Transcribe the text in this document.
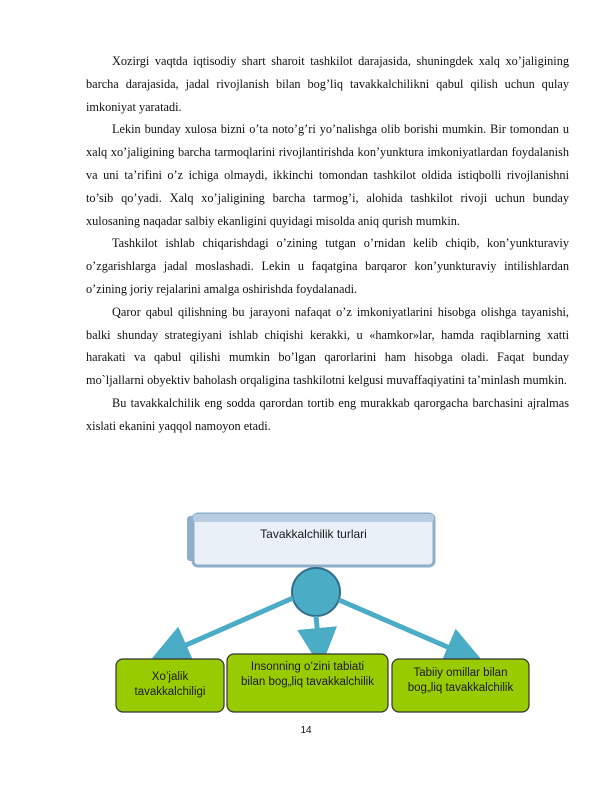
Xozirgi vaqtda iqtisodiy shart sharoit tashkilot darajasida, shuningdek xalq xo’jaligining barcha darajasida, jadal rivojlanish bilan bog’liq tavakkalchilikni qabul qilish uchun qulay imkoniyat yaratadi.

Lekin bunday xulosa bizni o’ta noto’g’ri yo’nalishga olib borishi mumkin. Bir tomondan u xalq xo’jaligining barcha tarmoqlarini rivojlantirishda kon’yunktura imkoniyatlardan foydalanish va uni ta’rifini o’z ichiga olmaydi, ikkinchi tomondan tashkilot oldida istiqbolli rivojlanishni to’sib qo’yadi. Xalq xo’jaligining barcha tarmog’i, alohida tashkilot rivoji uchun bunday xulosaning naqadar salbiy ekanligini quyidagi misolda aniq qurish mumkin.

Tashkilot ishlab chiqarishdagi o’zining tutgan o’rnidan kelib chiqib, kon’yunkturaviy o’zgarishlarga jadal moslashadi. Lekin u faqatgina barqaror kon’yunkturaviy intilishlardan o’zining joriy rejalarini amalga oshirishda foydalanadi.

Qaror qabul qilishning bu jarayoni nafaqat o’z imkoniyatlarini hisobga olishga tayanishi, balki shunday strategiyani ishlab chiqishi kerakki, u «hamkor»lar, hamda raqiblarning xatti harakati va qabul qilishi mumkin bo’lgan qarorlarini ham hisobga oladi. Faqat bunday mo`ljallarni obyektiv baholash orqaligina tashkilotni kelgusi muvaffaqiyatini ta’minlash mumkin.

Bu tavakkalchilik eng sodda qarordan tortib eng murakkab qarorgacha barchasini ajralmas xislati ekanini yaqqol namoyon etadi.

Tavakkalchilik turlari
Xo’jalik
tavakkalchiligi
Insonning o’zini tabiati
bilan bog„liq tavakkalchilik
Tabiiy omillar bilan
bog„liq tavakkalchilik
14
